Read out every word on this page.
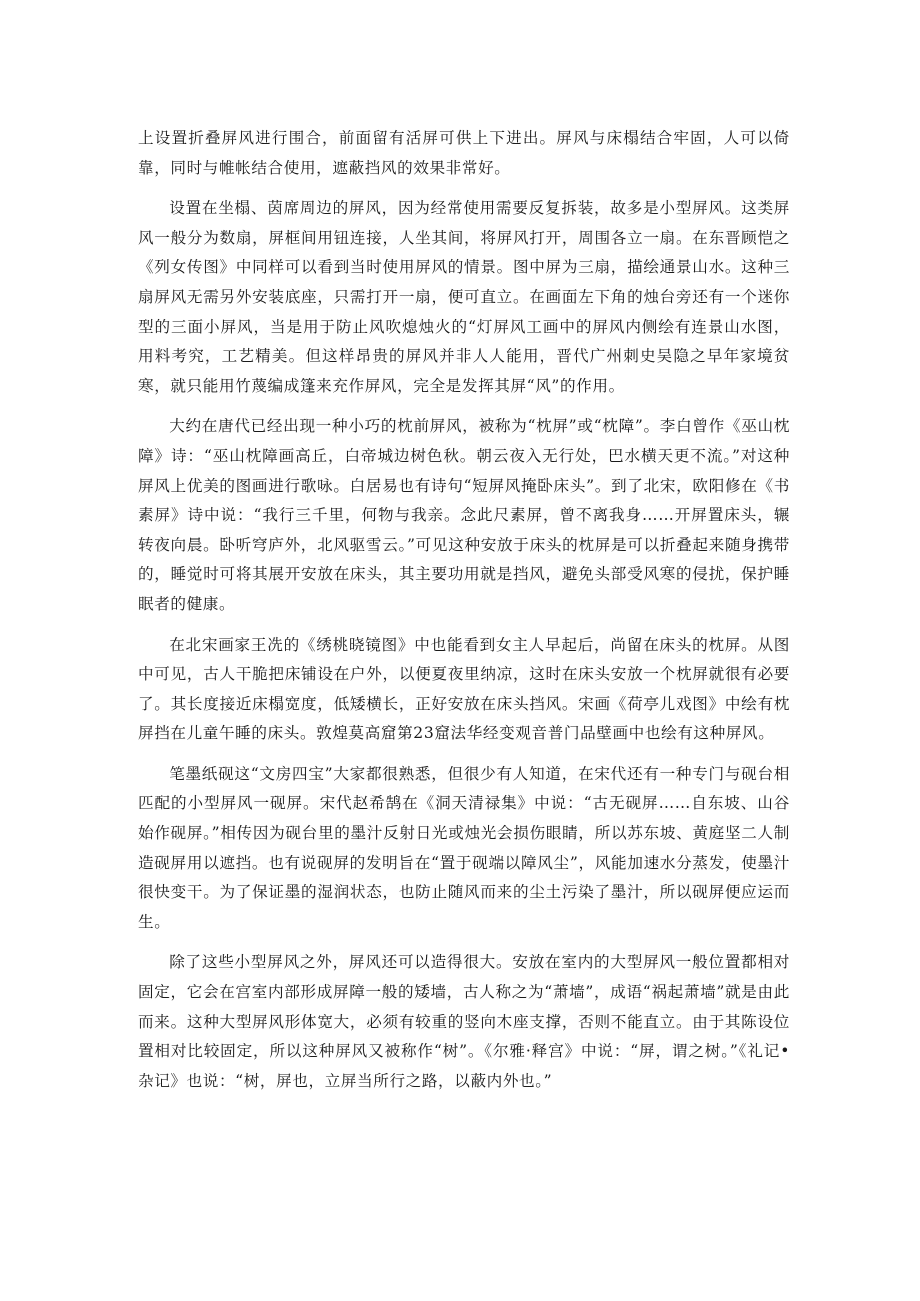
上设置折叠屏风进行围合，前面留有活屏可供上下进出。屏风与床榻结合牢固，人可以倚靠，同时与帷帐结合使用，遮蔽挡风的效果非常好。

设置在坐榻、茵席周边的屏风，因为经常使用需要反复拆装，故多是小型屏风。这类屏风一般分为数扇，屏框间用钮连接，人坐其间，将屏风打开，周围各立一扇。在东晋顾恺之《列女传图》中同样可以看到当时使用屏风的情景。图中屏为三扇，描绘通景山水。这种三扇屏风无需另外安装底座，只需打开一扇，便可直立。在画面左下角的烛台旁还有一个迷你型的三面小屏风，当是用于防止风吹熄烛火的“灯屏风工画中的屏风内侧绘有连景山水图，用料考究，工艺精美。但这样昂贵的屏风并非人人能用，晋代广州刺史吴隐之早年家境贫寒，就只能用竹蔑编成篷来充作屏风，完全是发挥其屏“风”的作用。

大约在唐代已经出现一种小巧的枕前屏风，被称为“枕屏”或“枕障”。李白曾作《巫山枕障》诗：“巫山枕障画高丘，白帝城边树色秋。朝云夜入无行处，巴水横天更不流。”对这种屏风上优美的图画进行歌咏。白居易也有诗句“短屏风掩卧床头”。到了北宋，欧阳修在《书素屏》诗中说：“我行三千里，何物与我亲。念此尺素屏，曾不离我身……开屏置床头，辗转夜向晨。卧听穹庐外，北风驱雪云。”可见这种安放于床头的枕屏是可以折叠起来随身携带的，睡觉时可将其展开安放在床头，其主要功用就是挡风，避免头部受风寒的侵扰，保护睡眠者的健康。

在北宋画家王冼的《绣桃晓镜图》中也能看到女主人早起后，尚留在床头的枕屏。从图中可见，古人干脆把床铺设在户外，以便夏夜里纳凉，这时在床头安放一个枕屏就很有必要了。其长度接近床榻宽度，低矮横长，正好安放在床头挡风。宋画《荷亭儿戏图》中绘有枕屏挡在儿童午睡的床头。敦煌莫高窟第23窟法华经变观音普门品壁画中也绘有这种屏风。

笔墨纸砚这“文房四宝”大家都很熟悉，但很少有人知道，在宋代还有一种专门与砚台相匹配的小型屏风一砚屏。宋代赵希鹄在《洞天清禄集》中说：“古无砚屏……自东坡、山谷始作砚屏。”相传因为砚台里的墨汁反射日光或烛光会损伤眼睛，所以苏东坡、黄庭坚二人制造砚屏用以遮挡。也有说砚屏的发明旨在“置于砚端以障风尘”，风能加速水分蒸发，使墨汁很快变干。为了保证墨的湿润状态，也防止随风而来的尘土污染了墨汁，所以砚屏便应运而生。

除了这些小型屏风之外，屏风还可以造得很大。安放在室内的大型屏风一般位置都相对固定，它会在宫室内部形成屏障一般的矮墙，古人称之为“萧墙”，成语“祸起萧墙”就是由此而来。这种大型屏风形体宽大，必须有较重的竖向木座支撑，否则不能直立。由于其陈设位置相对比较固定，所以这种屏风又被称作“树”。《尔雅·释宫》中说：“屏，谓之树。”《礼记•杂记》也说：“树，屏也，立屏当所行之路，以蔽内外也。”
